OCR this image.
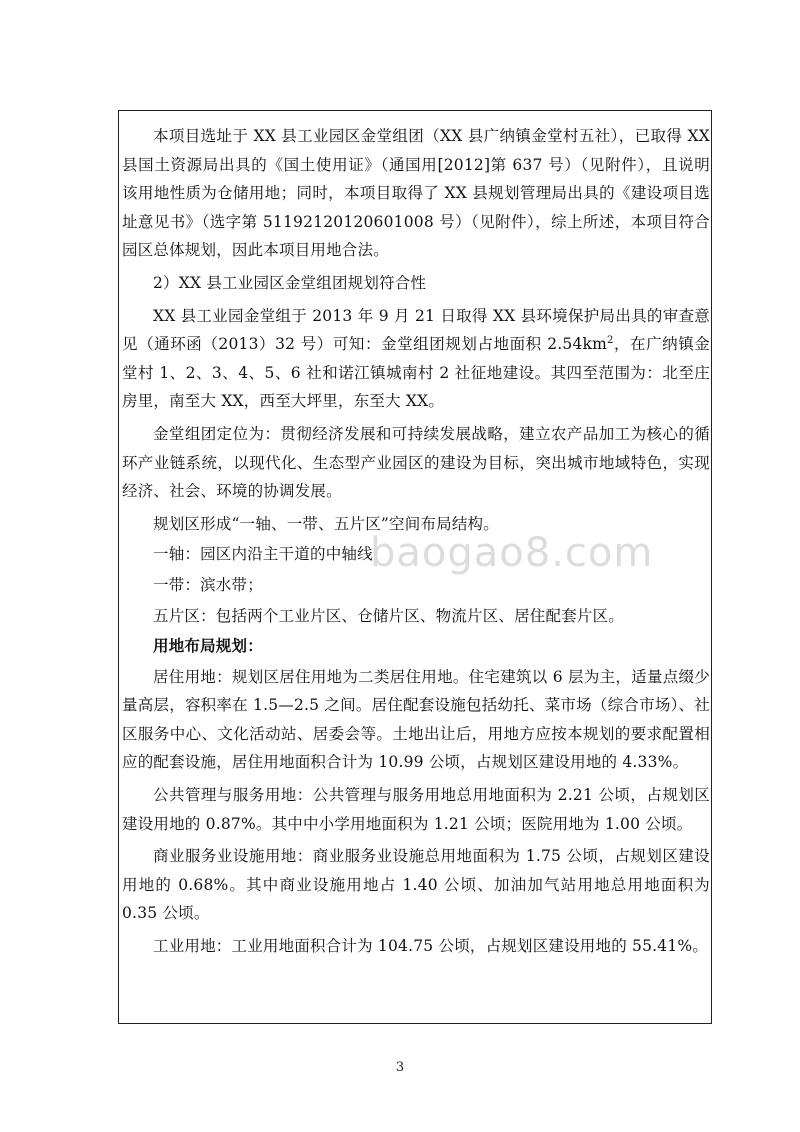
本项目选址于 XX 县工业园区金堂组团（XX 县广纳镇金堂村五社），已取得 XX 县国土资源局出具的《国土使用证》（通国用[2012]第 637 号）（见附件），且说明该用地性质为仓储用地；同时，本项目取得了 XX 县规划管理局出具的《建设项目选址意见书》（选字第 51192120120601008 号）（见附件），综上所述，本项目符合园区总体规划，因此本项目用地合法。

2）XX 县工业园区金堂组团规划符合性

XX 县工业园金堂组于 2013 年 9 月 21 日取得 XX 县环境保护局出具的审查意见（通环函（2013）32 号）可知：金堂组团规划占地面积 $2.54km^2$，在广纳镇金堂村 1、2、3、4、5、6 社和诺江镇城南村 2 社征地建设。其四至范围为：北至庄房里，南至大 XX，西至大坪里，东至大 XX。

金堂组团定位为：贯彻经济发展和可持续发展战略，建立农产品加工为核心的循环产业链系统，以现代化、生态型产业园区的建设为目标，突出城市地域特色，实现经济、社会、环境的协调发展。

规划区形成“一轴、一带、五片区”空间布局结构。

一轴：园区内沿主干道的中轴线；

一带：滨水带；

五片区：包括两个工业片区、仓储片区、物流片区、居住配套片区。

用地布局规划：

居住用地：规划区居住用地为二类居住用地。住宅建筑以 6 层为主，适量点缀少量高层，容积率在 1.5—2.5 之间。居住配套设施包括幼托、菜市场（综合市场）、社区服务中心、文化活动站、居委会等。土地出让后，用地方应按本规划的要求配置相应的配套设施，居住用地面积合计为 10.99 公顷，占规划区建设用地的 4.33%。

公共管理与服务用地：公共管理与服务用地总用地面积为 2.21 公顷，占规划区建设用地的 0.87%。其中中小学用地面积为 1.21 公顷；医院用地为 1.00 公顷。

商业服务业设施用地：商业服务业设施总用地面积为 1.75 公顷，占规划区建设用地的 0.68%。其中商业设施用地占 1.40 公顷、加油加气站用地总用地面积为 0.35 公顷。

工业用地：工业用地面积合计为 104.75 公顷，占规划区建设用地的 55.41%。

baogao8.com
3
